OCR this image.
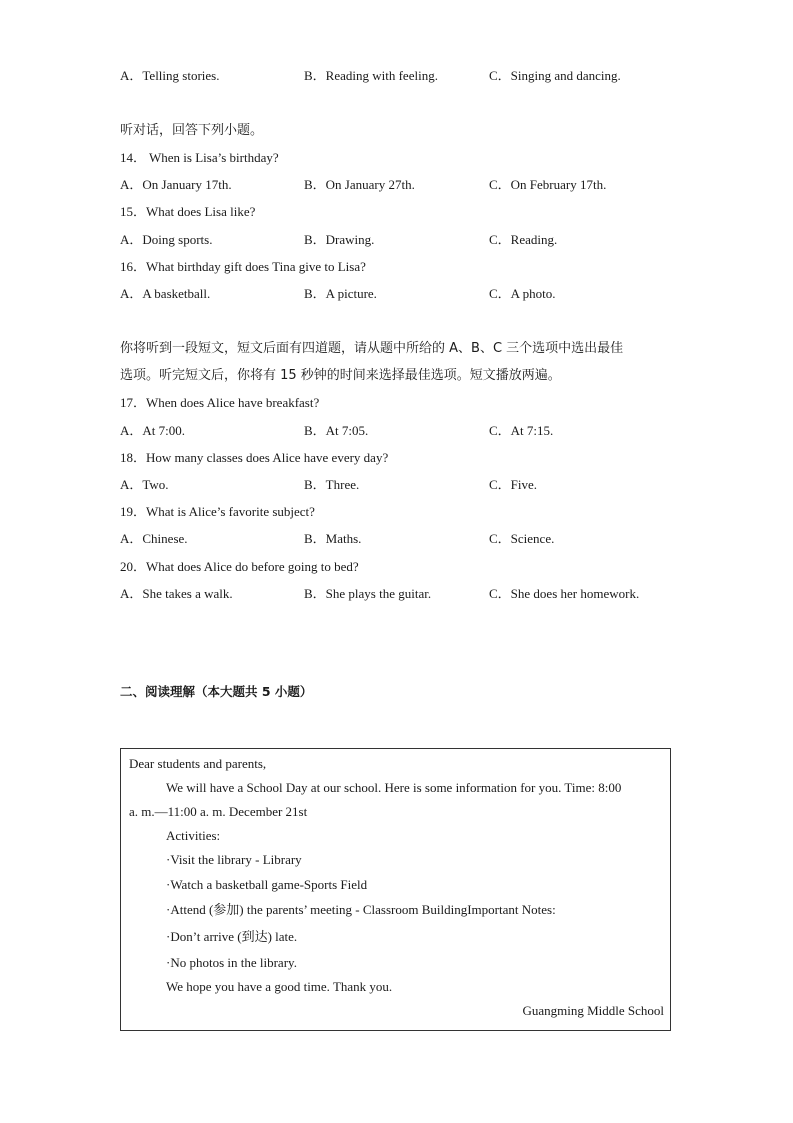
A．Telling stories.	B．Reading with feeling.	C．Singing and dancing.
听对话，回答下列小题。
14． When is Lisa’s birthday?
A．On January 17th.	B．On January 27th.	C．On February 17th.
15．What does Lisa like?
A．Doing sports.	B．Drawing.	C．Reading.
16．What birthday gift does Tina give to Lisa?
A．A basketball.	B．A picture.	C．A photo.
你将听到一段短文，短文后面有四道题，请从题中所给的 A、B、C 三个选项中选出最佳
选项。听完短文后，你将有 15 秒钟的时间来选择最佳选项。短文播放两遍。
17．When does Alice have breakfast?
A．At 7:00.	B．At 7:05.	C．At 7:15.
18．How many classes does Alice have every day?
A．Two.	B．Three.	C．Five.
19．What is Alice’s favorite subject?
A．Chinese.	B．Maths.	C．Science.
20．What does Alice do before going to bed?
A．She takes a walk.	B．She plays the guitar.	C．She does her homework.
二、阅读理解（本大题共 5 小题）
Dear students and parents,
We will have a School Day at our school. Here is some information for you. Time: 8:00
a. m.—11:00 a. m. December 21st
Activities:
·Visit the library - Library
·Watch a basketball game-Sports Field
·Attend (参加) the parents’ meeting - Classroom BuildingImportant Notes:
·Don’t arrive (到达) late.
·No photos in the library.
We hope you have a good time. Thank you.
Guangming Middle School
